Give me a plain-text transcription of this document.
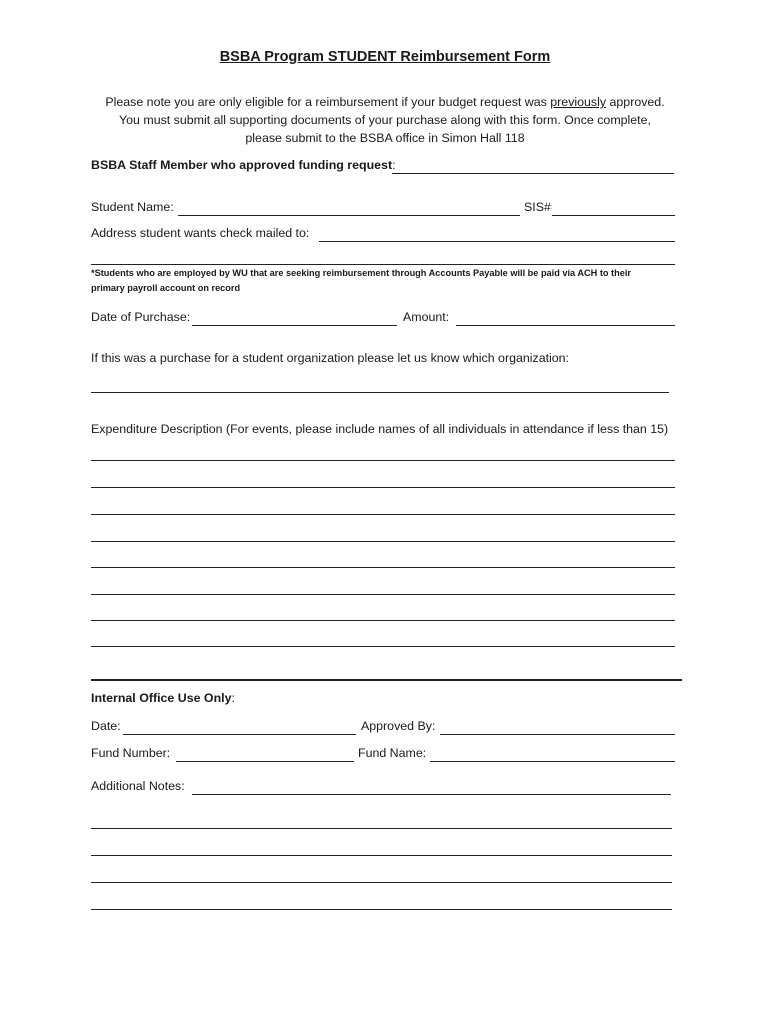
BSBA Program STUDENT Reimbursement Form
Please note you are only eligible for a reimbursement if your budget request was previously approved.
You must submit all supporting documents of your purchase along with this form. Once complete,
please submit to the BSBA office in Simon Hall 118
BSBA Staff Member who approved funding request:
Student Name:	SIS#
Address student wants check mailed to:
*Students who are employed by WU that are seeking reimbursement through Accounts Payable will be paid via ACH to their
primary payroll account on record
Date of Purchase:	Amount:
If this was a purchase for a student organization please let us know which organization:
Expenditure Description (For events, please include names of all individuals in attendance if less than 15)
Internal Office Use Only:
Date:	Approved By:
Fund Number:	Fund Name:
Additional Notes:
